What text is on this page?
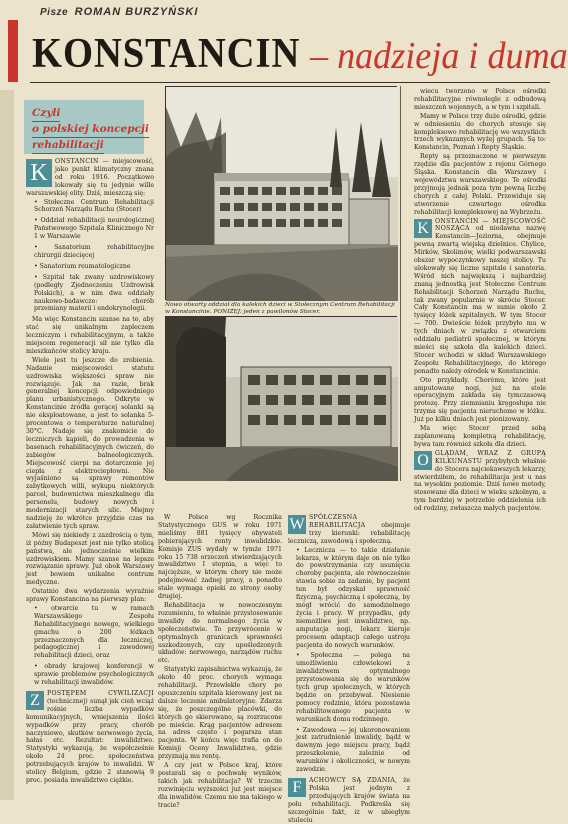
Pisze ROMAN BURZYŃSKI
KONSTANCIN – nadzieja i duma
Czyli
o polskiej koncepcji
rehabilitacji
Nowo otwarty oddział dla kalekich dzieci w Stołecznym Centrum Rehabilitacji w Konstancinie. PONIŻEJ: jeden z pawilonów Stocer.

K	ONSTANCIN — miejscowość, jako punkt klimatyczny znana od roku 1916. Początkowo lokowały się tu jedynie wille warszawskiej elity. Dziś, mieszczą się:

• Stołeczne Centrum Rehabilitacji Schorzeń Narządu Ruchu (Stocer)

• Oddział rehabilitacji neurologicznej Państwowego Szpitala Klinicznego Nr 1 w Warszawie

• Sanatorium rehabilitacyjne chirurgii dziecięcej

• Sanatorium reumatologiczne

• Szpital tak zwany uzdrowiskowy (podległy Zjednoczeniu Uzdrowisk Polskich), a w nim dwa oddziały naukowo-badawcze: chorób przemiany materii i endokrynologii.

Ma więc Konstancin szanse na to, aby stać się unikalnym zapleczem leczniczym i rehabilitacyjnym, a także miejscem regeneracji sił nie tylko dla mieszkańców stolicy kraju.

Wiele jest tu jeszcze do zrobienia. Nadanie miejscowości statutu uzdrowiska większości spraw nie rozwiązuje. Jak na razie, brak generalnej koncepcji odpowiedniego planu urbanistycznego. Odkryte w Konstancinie źródła gorącej solanki są nie eksploatowane, a jest to solanka 5-procentowa o temperaturze naturalnej 30°C. Nadaje się znakomicie do leczniczych kąpieli, do prowadzenia w basenach rehabilitacyjnych ćwiczeń, do zabiegów balneologicznych. Miejscowość cierpi na dotarczenie jej ciepła z elektrociepłowni. Nie wyjaśniono są sprawy remontów zabytkowych willi, wykupu niektórych parcel, budownictwa mieszkalnego dla personelu, budowy nowych i modernizacji starych ulic. Miejmy nadzieję że wkrótce przyjdzie czas na załatwienie tych spraw.

Mówi się niekiedy z zazdrością o tym, iż późny Budapeszt jest nie tylko stolicą państwa, ale jednocześnie wielkim uzdrowiskiem. Mamy szanse na lepsze rozwiązanie sprawy. Już obok Warszawy jest bowiem unikalne centrum medyczne.

Ostatnio dwa wydarzenia wyraźnie sprawy Konstancina na pierwszy plan:

• otwarcie tu w ramach Warszawskiego Zespołu Rehabilitacyjnego nowego, wielkiego gmachu o 200 łóżkach przeznaczonych dla leczniczej, pedagogicznej i zawodowej rehabilitacji dzieci, oraz

• obrady krajowej konferencji w sprawie problemów psychologicznych w rehabilitacji inwalidów.

Z	POSTĘPEM CYWILIZACJI (technicznej) sunął jak cień wciąż rośnie liczba wypadków komunikacyjnych, wniejszenia ilości wypadków przy pracy, chorób naczyniowo, skutków nerwowego życia, hałas etc. Rezultat: inwalidztwo. Statystyki wykazują, że współcześnie około 24 proc. społeczeństwa potrzebujących krajów to inwalidzi. W stolicy Belgium, gdzie 2 stanowią 9 proc. posiada inwalidztwo ciężkie.

W Polsce wg Rocznika Statystycznego GUS w roku 1971 mieliśmy 881 tysięcy obywateli pobierających renty inwalidzkie. Komisje ZUS wydały w tymże 1971 roku 15 738 orzeczeń stwierdzających inwalidztwo I stopnia, a więc to najcięższe, w którym chory nie może podejmować żadnej pracy, a ponadto stale wymaga opieki ze strony osoby drugiej.

Rehabilitacja w nowoczesnym rozumieniu, to właśnie przystosowanie inwalidy do normalnego życia w społeczeństwie. To przywrócenie w optymalnych granicach sprawności uszkodzonych, czy upośledzonych układów: nerwowego, narządów ruchu etc.

Statystyki zapisalnictwa wykazują, że około 40 proc. chorych wymaga rehabilitacji. Przewlekłe chory po opuszczeniu szpitala kierowany jest na dalsze leczenie ambulatoryjne. Zdarza się, że poszczególne placówki, do których go skierowano, są rozrzucone po mieście. Krąg pacjentów adresem na adres często i pogarsza stan pacjenta. W końcu więc trafia on do Komisji Oceny Inwalidztwa, gdzie przyznają mu rentę.

A czy jest w Polsce kraj, które postarali się o pochwałę wyników, takich jak rehabilitacja? W trzecim rozwinięciu wyższości już jest miejsce dla inwalidów. Czemu nie ma takiego w tracie?

W SPÓŁCZESNA REHABILITACJA	obejmuje trzy kierunki: rehabilitację leczniczą, zawodową i społeczną.

• Lecznicza — to takie działanie lekarza, w którym daje on nie tylko do powstrzymania czy usunięcia choroby pacjenta, ale równocześnie stawia sobie za zadanie, by pacjent ten był odzyskał sprawność fizyczną, psychiczną i społeczną, by mógł wrócić do samodzielnego życia i pracy. W przypadku, gdy niemożliwe jest inwalidztwo, np. amputacja nogi, lekarz kieruje procesem adaptacji całego ustroju pacjenta do nowych warunków.

• Społeczna — polega na umożliwieniu człowiekowi z inwalidztwem optymalnego przystosowania się do warunków tych grup społecznych, w których będzie on przebywał. Niesienie pomocy rodzinie, która pozostawia rehabilitowanego pacjenta w warunkach domu rodzinnego.

• Zawodowa — jej ukoronowaniem jest zatrudnienie inwalidy, bądź w dawnym jego miejscu pracy, bądź przeszkolenie, zależnie od warunków i okoliczności, w nowym zawodzie.

F	ACHOWCY SĄ ZDANIA, że Polska jest jednym z przodujących krajów świata na polu rehabilitacji. Podkreśla się szczególnie fakt, iż w ubiegłym stuleciu

wiecu tworzono w Polsce ośrodki rehabilitacyjne równolegle z odbudową mieszczeń wojennych, a w tym i szpitali.

Mamy w Polsce trzy duże ośrodki, gdzie w odniesieniu do chorych stosuje się kompleksowo rehabilitację we wszystkich trzech wykazanych wyżej grupach. Są to: Konstancin, Poznań i Repty Śląskie.

Repty są przeznaczone w pierwszym rzędzie dla pacjentów z rejonu Górnego Śląska. Konstancin dla Warszawy i województwa warszawskiego. Te ośrodki przyjmują jednak poza tym pewną liczbę chorych z całej Polski. Przewiduje się utworzenie czwartego ośrodka rehabilitacji kompleksowej na Wybrzeżu.

K	ONSTANCIN — MIEJSCOWOŚĆ NOSZĄCA od niedawna nazwę Konstancin—Jeziorna, obejmuje pewną zwartą wiejską dzielnice. Chylice, Mirków, Skolimów, wielki podwarszawski obszar wypoczynkowy naszej stolicy. Tu ulokowały się liczne szpitale i sanatoria. Wśród nich największą i najbardziej znaną jednostką jest Stołeczne Centrum Rehabilitacji Schorzeń Narządu Ruchu, tak zwany popularnie w skrócie Stocer. Cały Konstancin ma w sumie około 2 tysięcy łóżek szpitalnych. W tym Stocer — 700. Dwieście łóżek przybyło mu w tych dniach w związku z otwarciem oddziału pediatrii społecznej, w którym mieści się szkoła dla kalekich dzieci. Stocer wchodzi w skład Warszawskiego Zespołu Rehabilitacyjnego, do którego ponadto należy ośrodek w Konstancinie.

Oto przykłady. Chorému, które jest amputowane nogi, już na stole operacyjnym zakłada się tymczasową protezę. Przy ziemnianiu kręgosłupa nie trzyma się pacjenta nieruchomo w łóżku. Już po kilku dniach jest pionizowany.

Ma więc Stocer przed sobą zaplanowaną kompletną rehabilitację, bywa tam również szkoła dla dzieci.

O	GLĄDAM, WRAZ Z GRUPĄ KILKUNASTU przybyłych właśnie do Stocera najciekawszych lekarzy, stwierdziłem, że rehabilitacja jest u nas na wysokim poziomie. Dziś nowe metody, stosowane dla dzieci w wieku szkolnym, a tym bardziej w potrzebie oddzielenia ich od rodziny, zwłaszcza małych pacjentów.
